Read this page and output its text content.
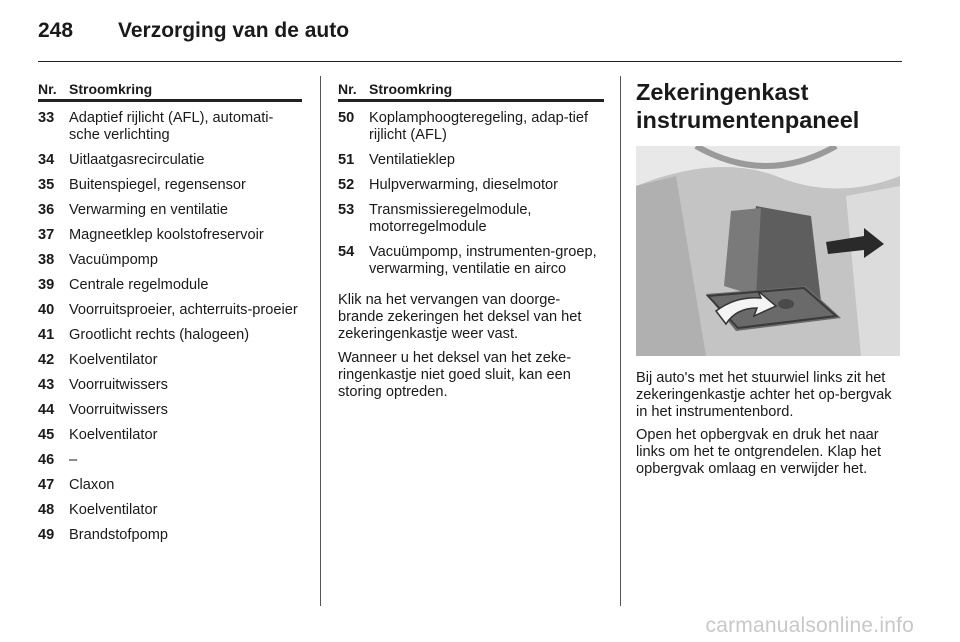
248 Verzorging van de auto
Nr. Stroomkring
33	Adaptief rijlicht (AFL), automati-sche verlichting
34	Uitlaatgasrecirculatie
35	Buitenspiegel, regensensor
36	Verwarming en ventilatie
37	Magneetklep koolstofreservoir
38	Vacuümpomp
39	Centrale regelmodule
40	Voorruitsproeier, achterruits-proeier
41	Grootlicht rechts (halogeen)
42	Koelventilator
43	Voorruitwissers
44	Voorruitwissers
45	Koelventilator
46	–
47	Claxon
48	Koelventilator
49	Brandstofpomp
Nr. Stroomkring
50	Koplamphoogteregeling, adap-tief rijlicht (AFL)
51	Ventilatieklep
52	Hulpverwarming, dieselmotor
53	Transmissieregelmodule, motorregelmodule
54	Vacuümpomp, instrumenten-groep, verwarming, ventilatie en airco

Klik na het vervangen van doorge-brande zekeringen het deksel van het zekeringenkastje weer vast.

Wanneer u het deksel van het zeke-ringenkastje niet goed sluit, kan een storing optreden.

Zekeringenkast instrumentenpaneel

Bij auto's met het stuurwiel links zit het zekeringenkastje achter het op-bergvak in het instrumentenbord.

Open het opbergvak en druk het naar links om het te ontgrendelen. Klap het opbergvak omlaag en verwijder het.

carmanualsonline.info
